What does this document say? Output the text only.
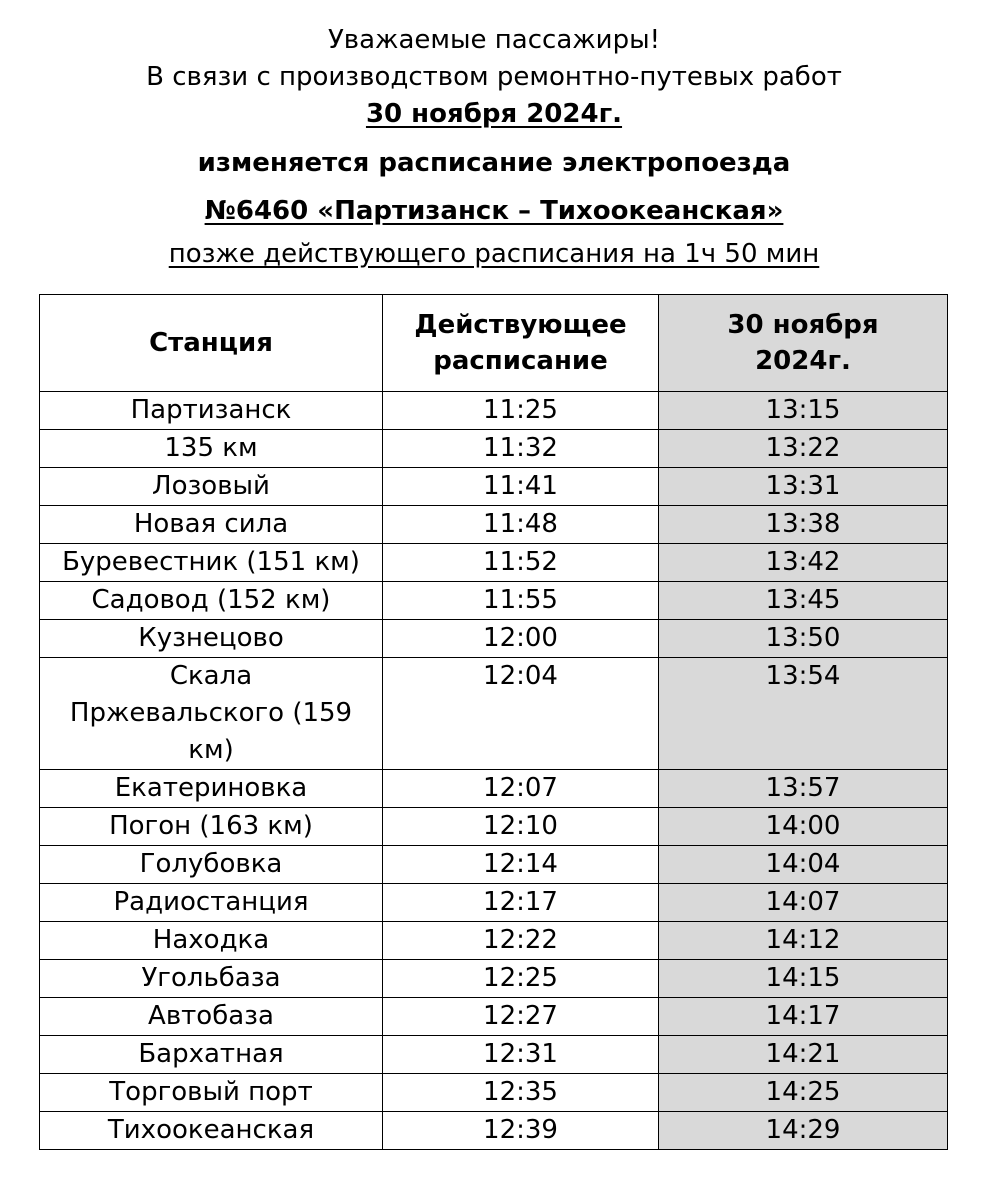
Уважаемые пассажиры!
В связи с производством ремонтно-путевых работ
30 ноября 2024г.
изменяется расписание электропоезда
№6460 «Партизанск – Тихоокеанская»
позже действующего расписания на 1ч 50 мин
Станция	Действующее расписание	30 ноября 2024г.
Партизанск	11:25	13:15
135 км	11:32	13:22
Лозовый	11:41	13:31
Новая сила	11:48	13:38
Буревестник (151 км)	11:52	13:42
Садовод (152 км)	11:55	13:45
Кузнецово	12:00	13:50

Скала Пржевальского (159 км)	12:04	13:54
Екатериновка	12:07	13:57
Погон (163 км)	12:10	14:00
Голубовка	12:14	14:04
Радиостанция	12:17	14:07
Находка	12:22	14:12
Угольбаза	12:25	14:15
Автобаза	12:27	14:17
Бархатная	12:31	14:21
Торговый порт	12:35	14:25
Тихоокеанская	12:39	14:29
